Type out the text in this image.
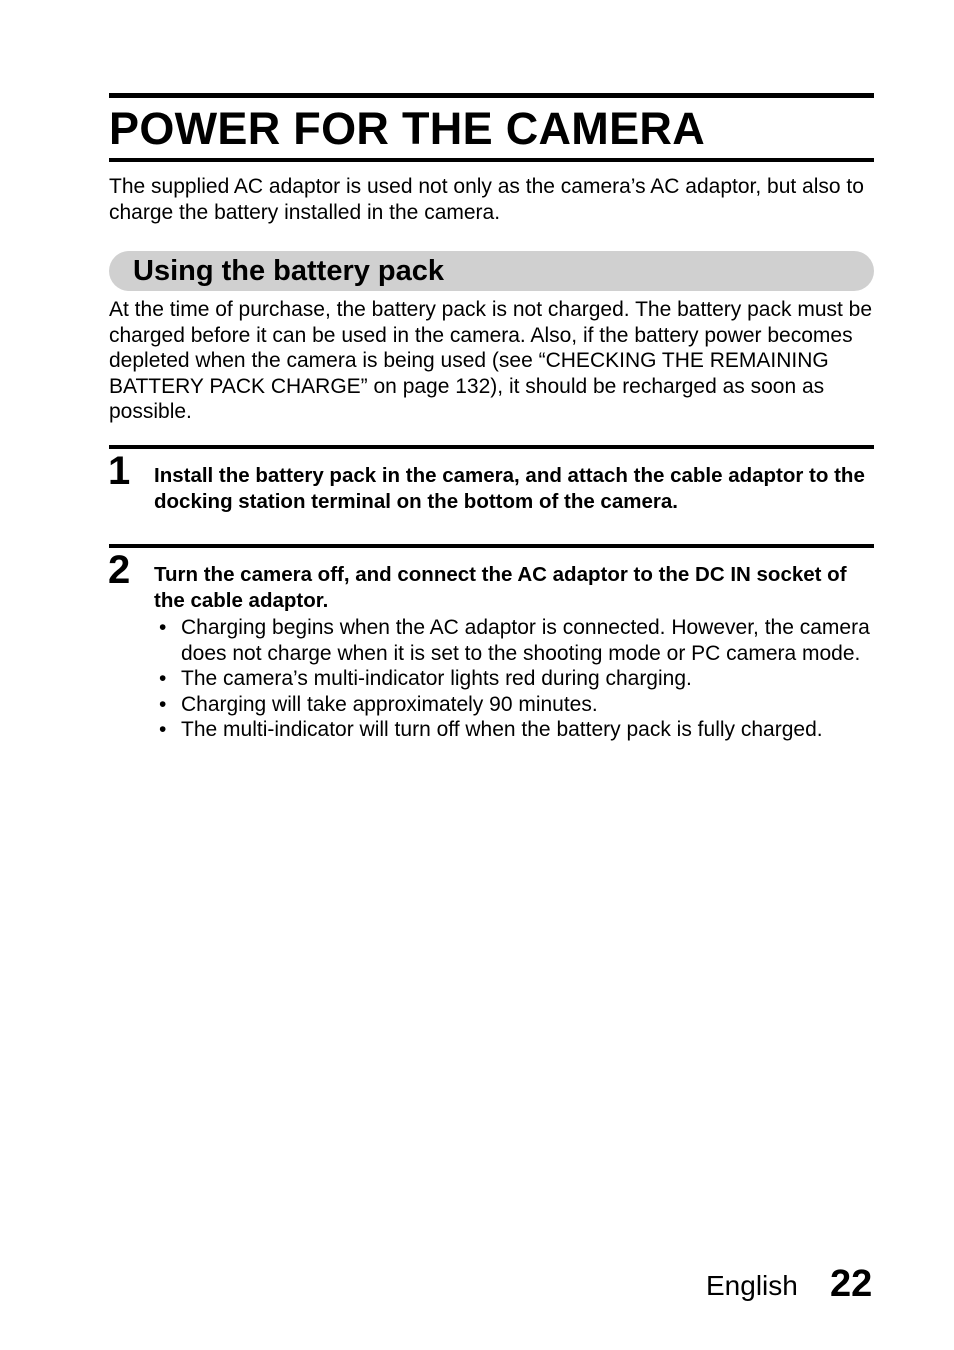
POWER FOR THE CAMERA

The supplied AC adaptor is used not only as the camera’s AC adaptor, but also to charge the battery installed in the camera.

Using the battery pack

At the time of purchase, the battery pack is not charged. The battery pack must be charged before it can be used in the camera. Also, if the battery power becomes depleted when the camera is being used (see “CHECKING THE REMAINING BATTERY PACK CHARGE” on page 132), it should be recharged as soon as possible.

1 Install the battery pack in the camera, and attach the cable adaptor to the docking station terminal on the bottom of the camera.

2 Turn the camera off, and connect the AC adaptor to the DC IN socket of the cable adaptor.

• Charging begins when the AC adaptor is connected. However, the camera does not charge when it is set to the shooting mode or PC camera mode.
• The camera’s multi-indicator lights red during charging.
• Charging will take approximately 90 minutes.
• The multi-indicator will turn off when the battery pack is fully charged.
English 22
